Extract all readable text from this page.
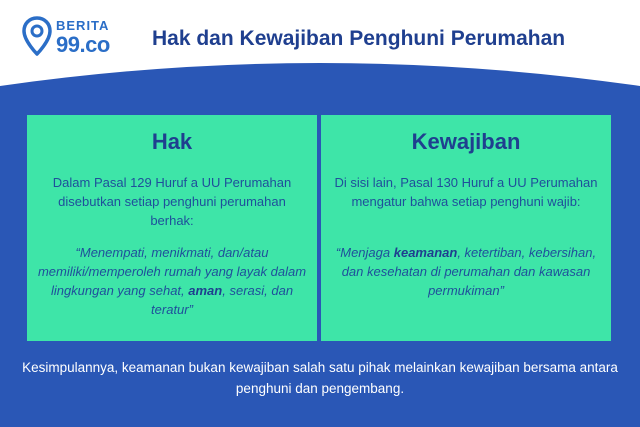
BERITA
99.co Hak dan Kewajiban Penghuni Perumahan
Hak
Dalam Pasal 129 Huruf a UU Perumahan disebutkan setiap penghuni perumahan berhak:
“Menempati, menikmati, dan/atau memiliki/memperoleh rumah yang layak dalam lingkungan yang sehat, aman, serasi, dan teratur”
Kewajiban
Di sisi lain, Pasal 130 Huruf a UU Perumahan mengatur bahwa setiap penghuni wajib:
“Menjaga keamanan, ketertiban, kebersihan, dan kesehatan di perumahan dan kawasan permukiman”
Kesimpulannya, keamanan bukan kewajiban salah satu pihak melainkan kewajiban bersama antara penghuni dan pengembang.
